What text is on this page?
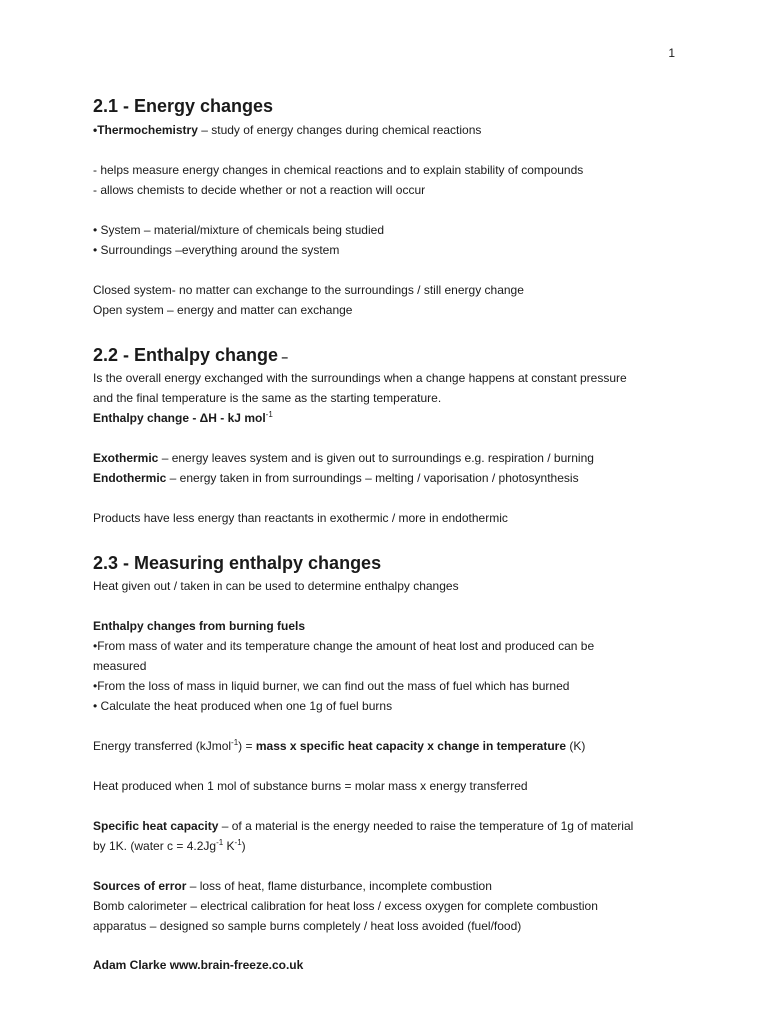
1
2.1 - Energy changes
•Thermochemistry – study of energy changes during chemical reactions
- helps measure energy changes in chemical reactions and to explain stability of compounds
- allows chemists to decide whether or not a reaction will occur
• System – material/mixture of chemicals being studied
• Surroundings –everything around the system
Closed system- no matter can exchange to the surroundings / still energy change
Open system – energy and matter can exchange
2.2 - Enthalpy change –
Is the overall energy exchanged with the surroundings when a change happens at constant pressure
and the final temperature is the same as the starting temperature.
Enthalpy change - ΔH - kJ mol$^{-1}$
Exothermic – energy leaves system and is given out to surroundings e.g. respiration / burning
Endothermic – energy taken in from surroundings – melting / vaporisation / photosynthesis
Products have less energy than reactants in exothermic / more in endothermic
2.3 - Measuring enthalpy changes
Heat given out / taken in can be used to determine enthalpy changes
Enthalpy changes from burning fuels
•From mass of water and its temperature change the amount of heat lost and produced can be
measured
•From the loss of mass in liquid burner, we can find out the mass of fuel which has burned
• Calculate the heat produced when one 1g of fuel burns
Energy transferred (kJmol$^{-1}$) = mass x specific heat capacity x change in temperature (K)
Heat produced when 1 mol of substance burns = molar mass x energy transferred
Specific heat capacity – of a material is the energy needed to raise the temperature of 1g of material
by 1K. (water $c = 4.2Jg^{-1}$ $K^{-1}$)
Sources of error – loss of heat, flame disturbance, incomplete combustion
Bomb calorimeter – electrical calibration for heat loss / excess oxygen for complete combustion
apparatus – designed so sample burns completely / heat loss avoided (fuel/food)
Adam Clarke www.brain-freeze.co.uk
